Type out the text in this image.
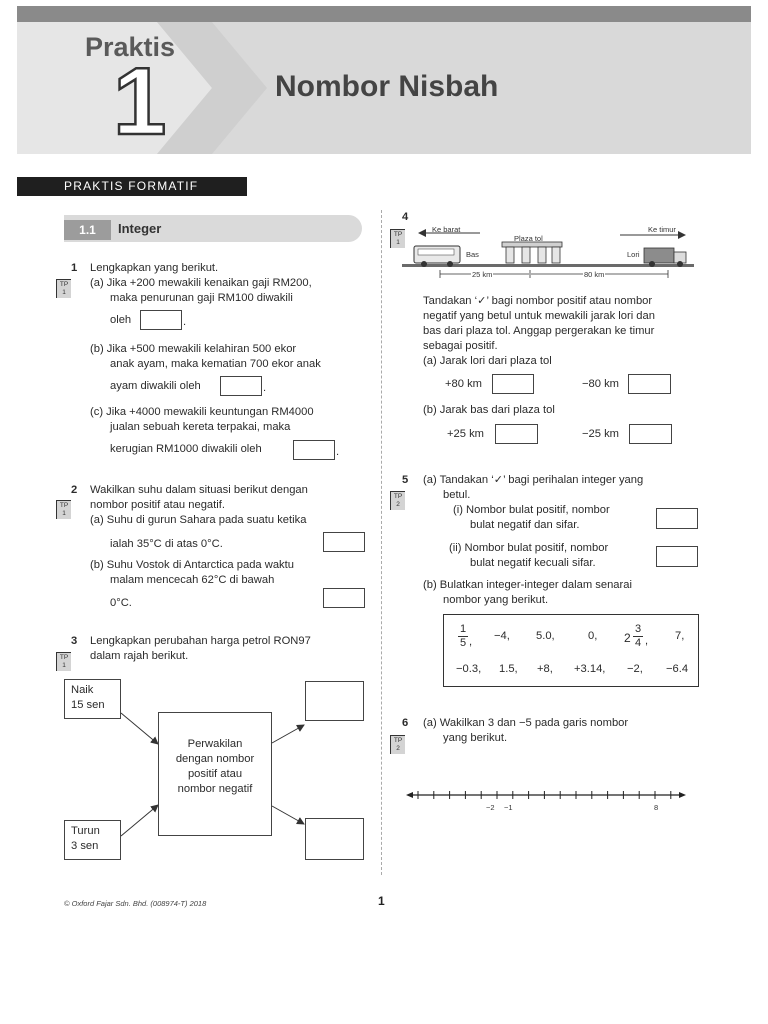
Praktis
1	Nombor Nisbah
PRAKTIS FORMATIF
1.1	Integer
1
TP
1
Lengkapkan yang berikut.
(a) Jika +200 mewakili kenaikan gaji RM200,
maka penurunan gaji RM100 diwakili
oleh	.
(b) Jika +500 mewakili kelahiran 500 ekor
anak ayam, maka kematian 700 ekor anak
ayam diwakili oleh	.
(c) Jika +4000 mewakili keuntungan RM4000
jualan sebuah kereta terpakai, maka
kerugian RM1000 diwakili oleh	.
2
TP
1
Wakilkan suhu dalam situasi berikut dengan
nombor positif atau negatif.
(a) Suhu di gurun Sahara pada suatu ketika
ialah 35°C di atas 0°C.
(b) Suhu Vostok di Antarctica pada waktu
malam mencecah 62°C di bawah
0°C.
3
TP
1
Lengkapkan perubahan harga petrol RON97
dalam rajah berikut.
Naik
15 sen
Turun
3 sen
Perwakilan
dengan nombor
positif atau
nombor negatif
4
TP
1
Ke barat	Ke timur
Plaza tol
Bas	Lori
25 km	80 km
Tandakan ‘✓’ bagi nombor positif atau nombor
negatif yang betul untuk mewakili jarak lori dan
bas dari plaza tol. Anggap pergerakan ke timur
sebagai positif.
(a) Jarak lori dari plaza tol
+80 km	−80 km
(b) Jarak bas dari plaza tol
+25 km	−25 km
5
TP
2
(a) Tandakan ‘✓’ bagi perihalan integer yang
betul.
(i) Nombor bulat positif, nombor
bulat negatif dan sifar.
(ii) Nombor bulat positif, nombor
bulat negatif kecuali sifar.
(b) Bulatkan integer-integer dalam senarai
nombor yang berikut.
$\frac{1}{5}$ , −4, 5.0,	0, $2 \frac{3}{4}$ , 7,
−0.3, 1.5, +8, +3.14, −2, −6.4
6
TP
2
(a) Wakilkan 3 dan −5 pada garis nombor
yang berikut.
−2 −1	8
© Oxford Fajar Sdn. Bhd. (008974-T) 2018	1
